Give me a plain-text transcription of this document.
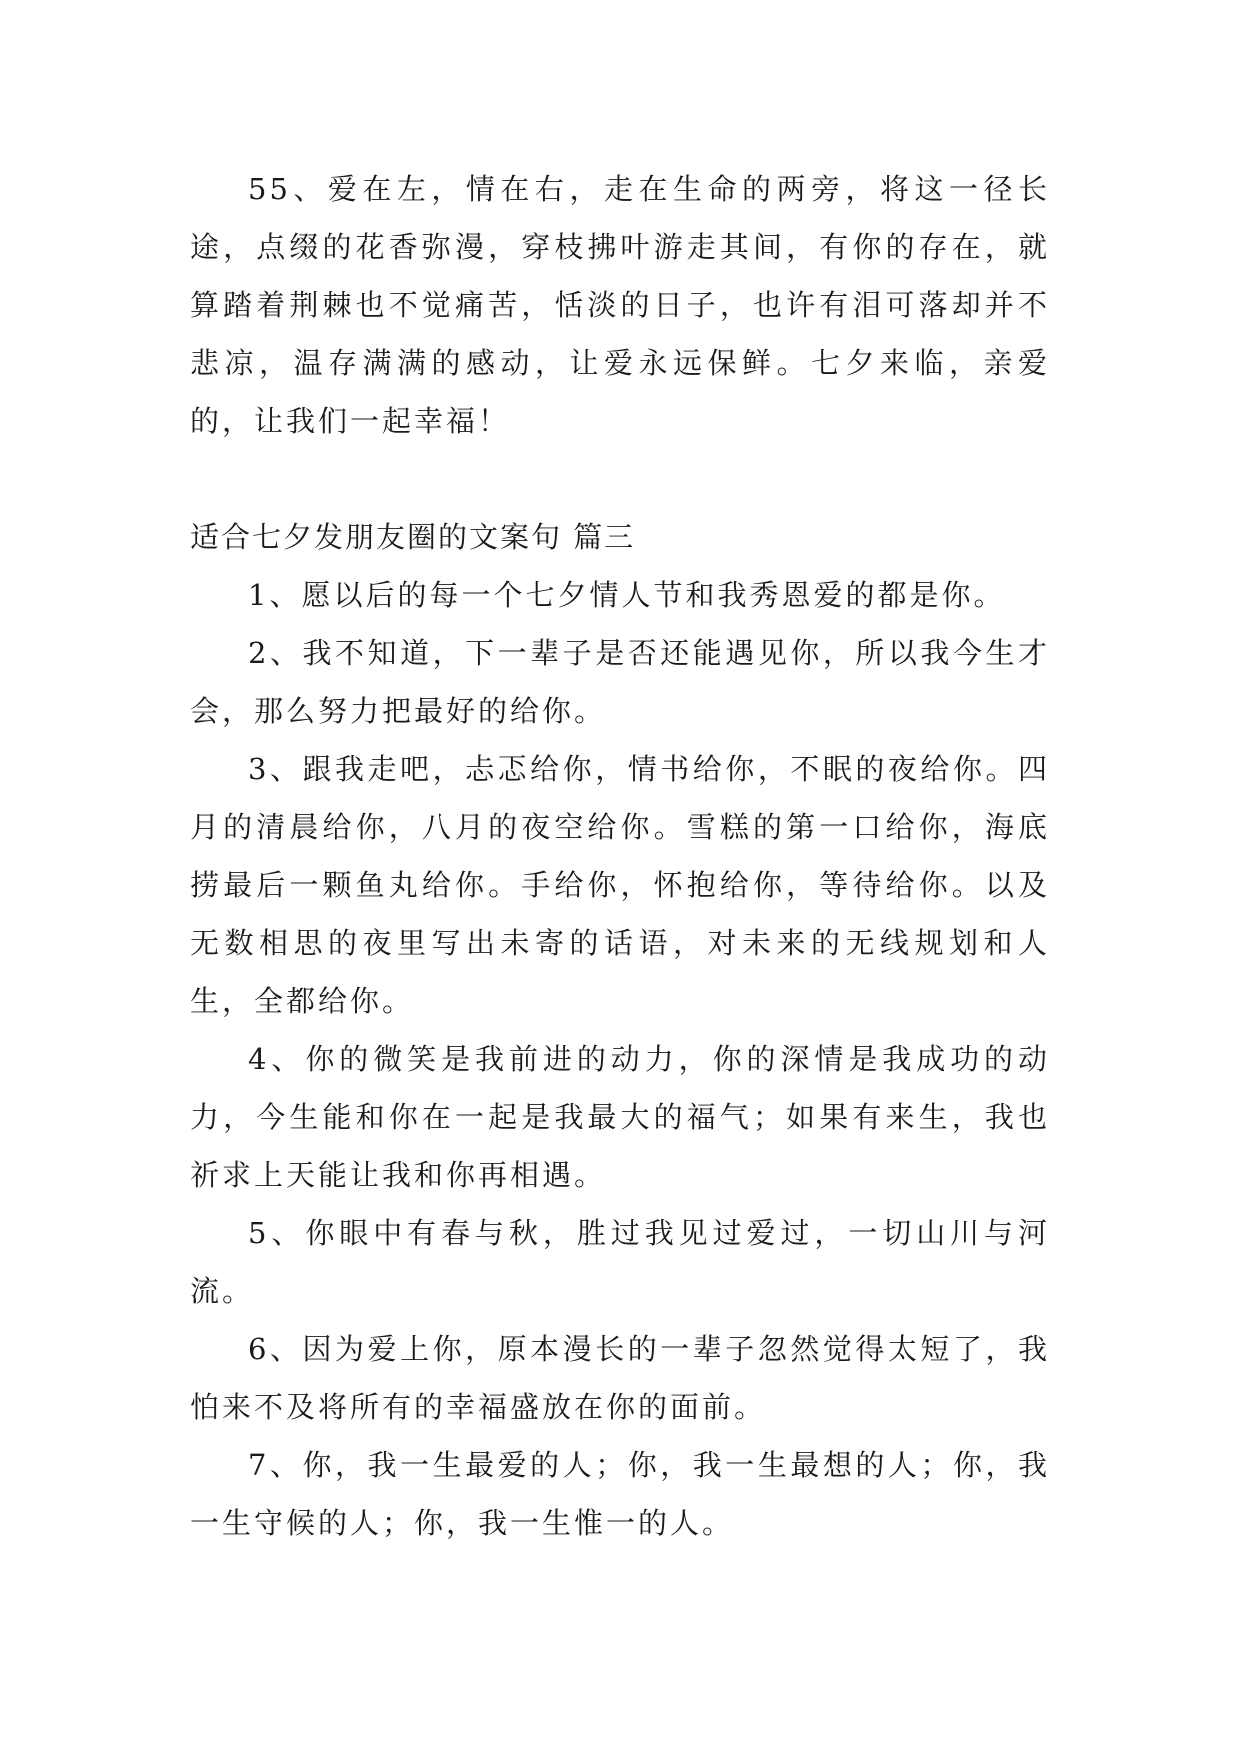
55、爱在左，情在右，走在生命的两旁，将这一径长途，点缀的花香弥漫，穿枝拂叶游走其间，有你的存在，就算踏着荆棘也不觉痛苦，恬淡的日子，也许有泪可落却并不悲凉，温存满满的感动，让爱永远保鲜。七夕来临，亲爱的，让我们一起幸福！

适合七夕发朋友圈的文案句 篇三

1、愿以后的每一个七夕情人节和我秀恩爱的都是你。

2、我不知道，下一辈子是否还能遇见你，所以我今生才会，那么努力把最好的给你。

3、跟我走吧，忐忑给你，情书给你，不眠的夜给你。四月的清晨给你，八月的夜空给你。雪糕的第一口给你，海底捞最后一颗鱼丸给你。手给你，怀抱给你，等待给你。以及无数相思的夜里写出未寄的话语，对未来的无线规划和人生，全都给你。

4、你的微笑是我前进的动力，你的深情是我成功的动力，今生能和你在一起是我最大的福气；如果有来生，我也祈求上天能让我和你再相遇。

5、你眼中有春与秋，胜过我见过爱过，一切山川与河流。

6、因为爱上你，原本漫长的一辈子忽然觉得太短了，我怕来不及将所有的幸福盛放在你的面前。

7、你，我一生最爱的人；你，我一生最想的人；你，我一生守候的人；你，我一生惟一的人。
